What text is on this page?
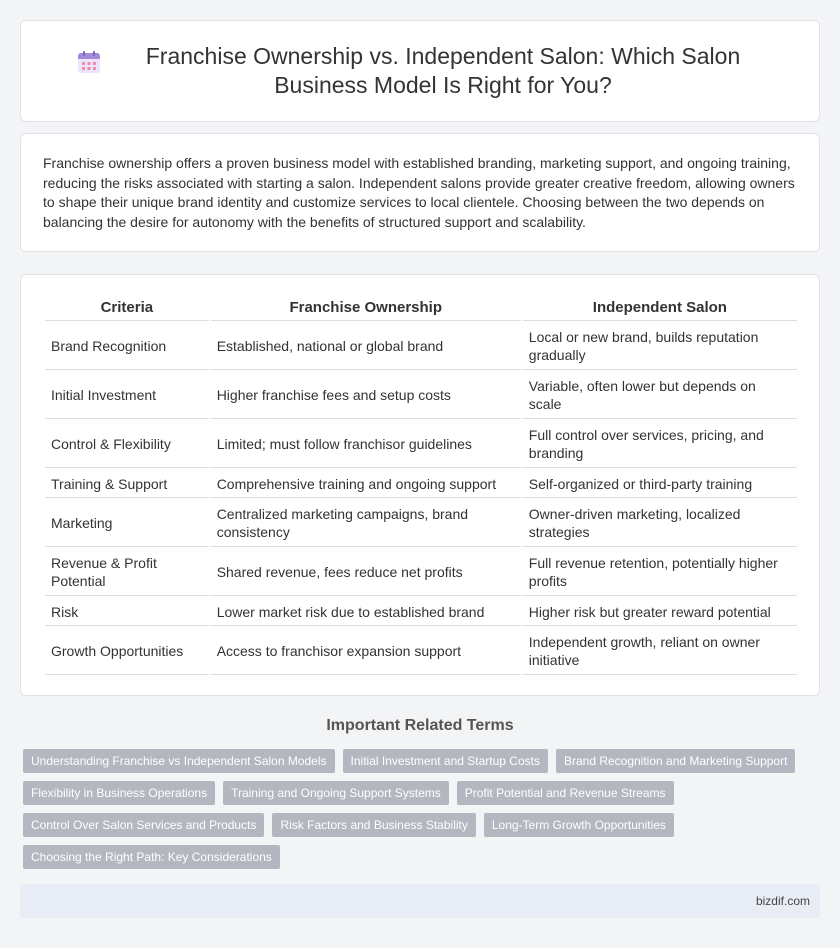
Franchise Ownership vs. Independent Salon: Which Salon Business Model Is Right for You?

Franchise ownership offers a proven business model with established branding, marketing support, and ongoing training, reducing the risks associated with starting a salon. Independent salons provide greater creative freedom, allowing owners to shape their unique brand identity and customize services to local clientele. Choosing between the two depends on balancing the desire for autonomy with the benefits of structured support and scalability.

Criteria	Franchise Ownership	Independent Salon
Brand Recognition	Established, national or global brand	Local or new brand, builds reputation gradually
Initial Investment	Higher franchise fees and setup costs	Variable, often lower but depends on scale
Control & Flexibility	Limited; must follow franchisor guidelines	Full control over services, pricing, and branding
Training & Support	Comprehensive training and ongoing support	Self-organized or third-party training
Marketing	Centralized marketing campaigns, brand consistency	Owner-driven marketing, localized strategies
Revenue & Profit Potential	Shared revenue, fees reduce net profits	Full revenue retention, potentially higher profits
Risk	Lower market risk due to established brand	Higher risk but greater reward potential
Growth Opportunities	Access to franchisor expansion support	Independent growth, reliant on owner initiative
Important Related Terms
Understanding Franchise vs Independent Salon Models	Initial Investment and Startup Costs	Brand Recognition and Marketing Support
Flexibility in Business Operations	Training and Ongoing Support Systems	Profit Potential and Revenue Streams
Control Over Salon Services and Products	Risk Factors and Business Stability	Long-Term Growth Opportunities
Choosing the Right Path: Key Considerations
bizdif.com
